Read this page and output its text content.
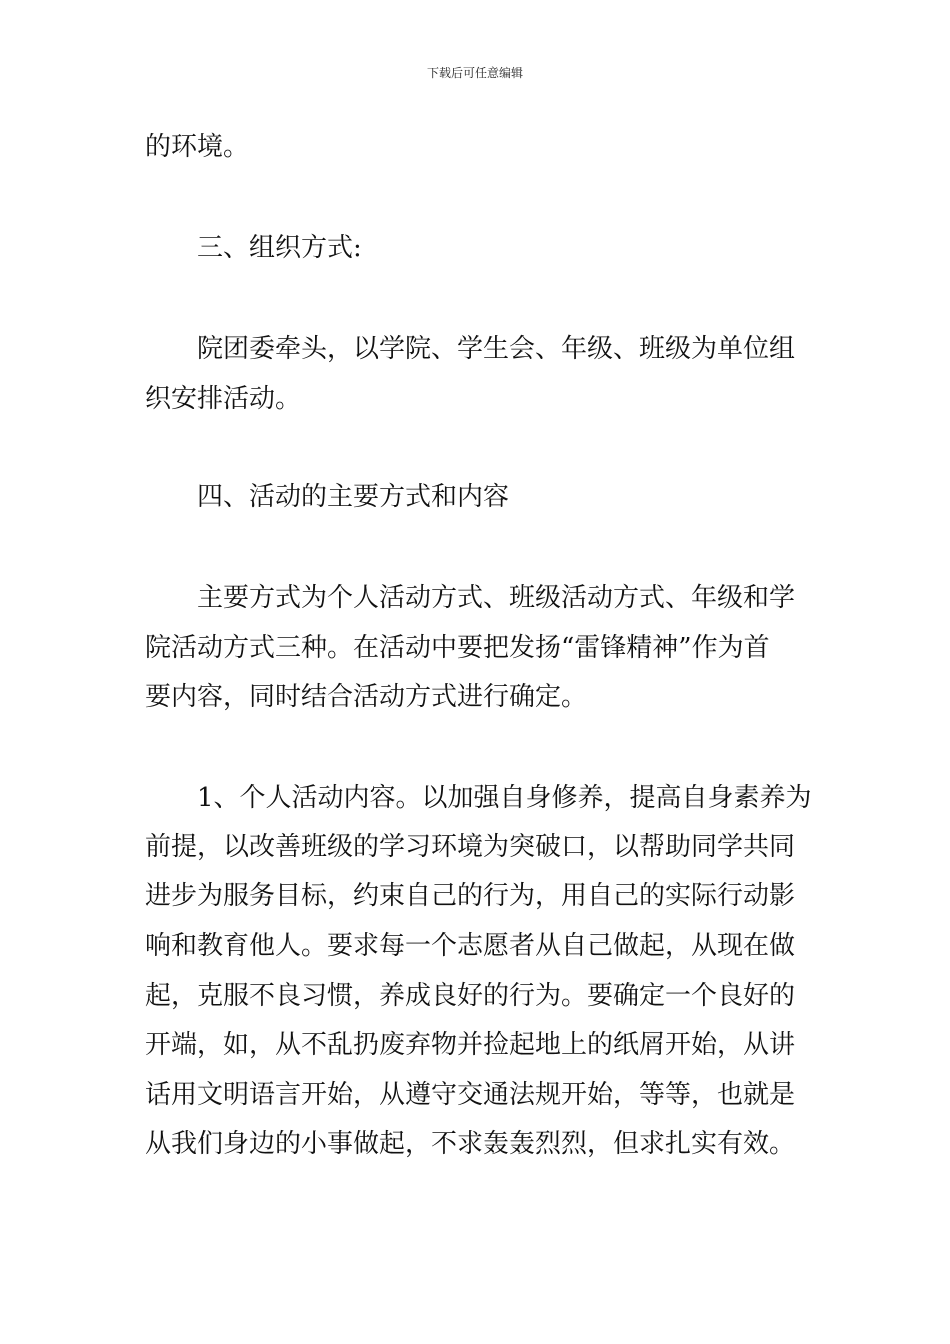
下载后可任意编辑
的环境。
三、组织方式:
院团委牵头，以学院、学生会、年级、班级为单位组
织安排活动。
四、活动的主要方式和内容
主要方式为个人活动方式、班级活动方式、年级和学
院活动方式三种。在活动中要把发扬“雷锋精神”作为首
要内容，同时结合活动方式进行确定。
1、个人活动内容。以加强自身修养，提高自身素养为
前提，以改善班级的学习环境为突破口，以帮助同学共同
进步为服务目标，约束自己的行为，用自己的实际行动影
响和教育他人。要求每一个志愿者从自己做起，从现在做
起，克服不良习惯，养成良好的行为。要确定一个良好的
开端，如，从不乱扔废弃物并捡起地上的纸屑开始，从讲
话用文明语言开始，从遵守交通法规开始，等等，也就是
从我们身边的小事做起，不求轰轰烈烈，但求扎实有效。
